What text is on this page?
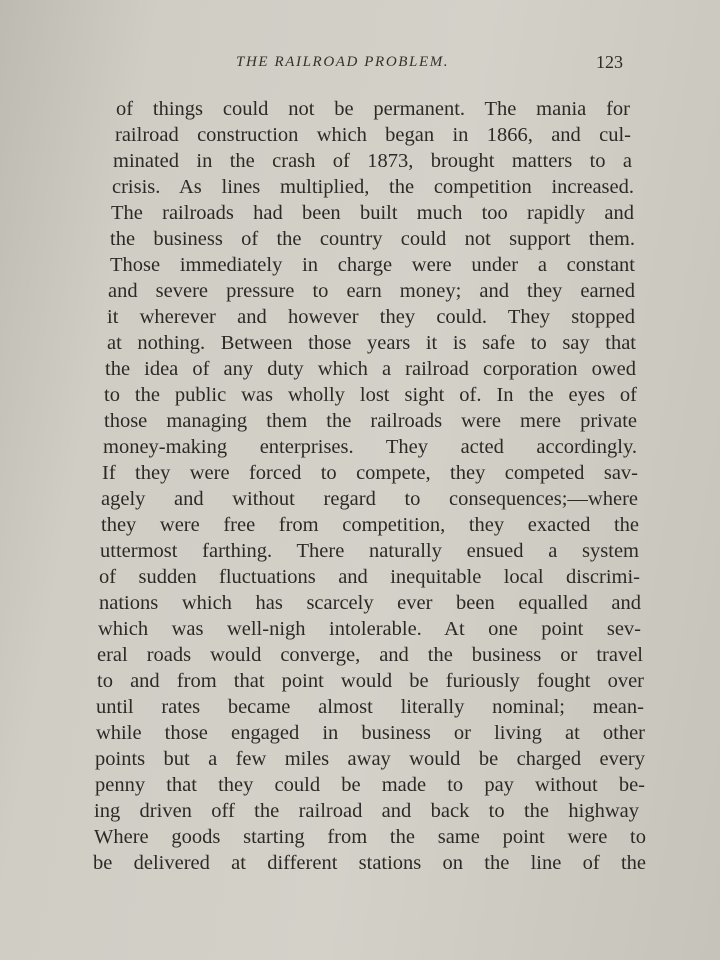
THE RAILROAD PROBLEM.	123
of things could not be permanent. The mania for
railroad construction which began in 1866, and cul-
minated in the crash of 1873, brought matters to a
crisis. As lines multiplied, the competition increased.
The railroads had been built much too rapidly and
the business of the country could not support them.
Those immediately in charge were under a constant
and severe pressure to earn money; and they earned
it wherever and however they could. They stopped
at nothing. Between those years it is safe to say that
the idea of any duty which a railroad corporation owed
to the public was wholly lost sight of. In the eyes of
those managing them the railroads were mere private
money-making enterprises. They acted accordingly.
If they were forced to compete, they competed sav-
agely and without regard to consequences;—where
they were free from competition, they exacted the
uttermost farthing. There naturally ensued a system
of sudden fluctuations and inequitable local discrimi-
nations which has scarcely ever been equalled and
which was well-nigh intolerable. At one point sev-
eral roads would converge, and the business or travel
to and from that point would be furiously fought over
until rates became almost literally nominal; mean-
while those engaged in business or living at other
points but a few miles away would be charged every
penny that they could be made to pay without be-
ing driven off the railroad and back to the highway
Where goods starting from the same point were to
be delivered at different stations on the line of the
